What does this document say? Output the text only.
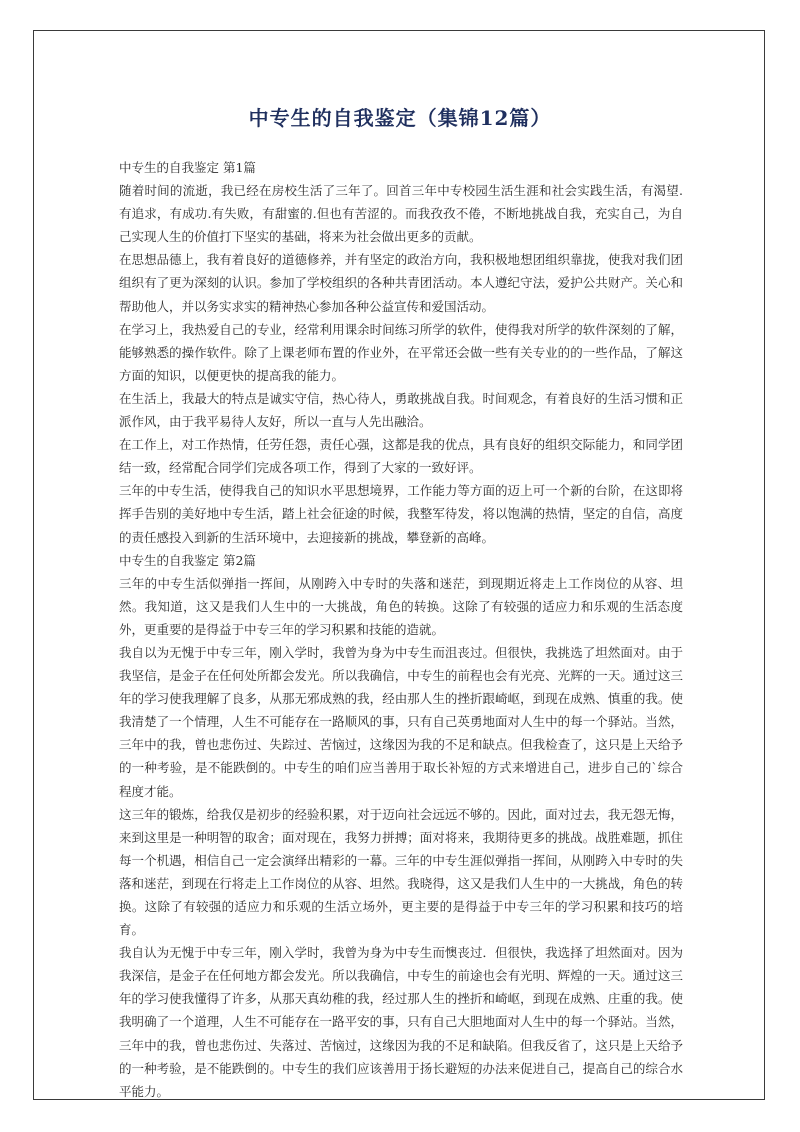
中专生的自我鉴定（集锦12篇）

中专生的自我鉴定 第1篇

随着时间的流逝，我已经在房校生活了三年了。回首三年中专校园生活生涯和社会实践生活，有渴望.有追求，有成功.有失败，有甜蜜的.但也有苦涩的。而我孜孜不倦，不断地挑战自我，充实自己，为自己实现人生的价值打下坚实的基础，将来为社会做出更多的贡献。

在思想品德上，我有着良好的道德修养，并有坚定的政治方向，我积极地想团组织靠拢，使我对我们团组织有了更为深刻的认识。参加了学校组织的各种共青团活动。本人遵纪守法，爱护公共财产。关心和帮助他人，并以务实求实的精神热心参加各种公益宣传和爱国活动。

在学习上，我热爱自己的专业，经常利用课余时间练习所学的软件，使得我对所学的软件深刻的了解，能够熟悉的操作软件。除了上课老师布置的作业外，在平常还会做一些有关专业的的一些作品，了解这方面的知识，以便更快的提高我的能力。

在生活上，我最大的特点是诚实守信，热心待人，勇敢挑战自我。时间观念，有着良好的生活习惯和正派作风，由于我平易待人友好，所以一直与人先出融洽。

在工作上，对工作热情，任劳任怨，责任心强，这都是我的优点，具有良好的组织交际能力，和同学团结一致，经常配合同学们完成各项工作，得到了大家的一致好评。

三年的中专生活，使得我自己的知识水平思想境界，工作能力等方面的迈上可一个新的台阶，在这即将挥手告别的美好地中专生活，踏上社会征途的时候，我整军待发，将以饱满的热情，坚定的自信，高度的责任感投入到新的生活环境中，去迎接新的挑战，攀登新的高峰。

中专生的自我鉴定 第2篇

三年的中专生活似弹指一挥间，从刚跨入中专时的失落和迷茫，到现期近将走上工作岗位的从容、坦然。我知道，这又是我们人生中的一大挑战，角色的转换。这除了有较强的适应力和乐观的生活态度外，更重要的是得益于中专三年的学习积累和技能的造就。

我自以为无愧于中专三年，刚入学时，我曾为身为中专生而沮丧过。但很快，我挑选了坦然面对。由于我坚信，是金子在任何处所都会发光。所以我确信，中专生的前程也会有光亮、光辉的一天。通过这三年的学习使我理解了良多，从那无邪成熟的我，经由那人生的挫折跟崎岖，到现在成熟、慎重的我。使我清楚了一个情理，人生不可能存在一路顺风的事，只有自己英勇地面对人生中的每一个驿站。当然，三年中的我，曾也悲伤过、失踪过、苦恼过，这缘因为我的不足和缺点。但我检查了，这只是上天给予的一种考验，是不能跌倒的。中专生的咱们应当善用于取长补短的方式来增进自己，进步自己的`综合程度才能。

这三年的锻炼，给我仅是初步的经验积累，对于迈向社会远远不够的。因此，面对过去，我无怨无悔，来到这里是一种明智的取舍；面对现在，我努力拼搏；面对将来，我期待更多的挑战。战胜难题，抓住每一个机遇，相信自己一定会演绎出精彩的一幕。三年的中专生涯似弹指一挥间，从刚跨入中专时的失落和迷茫，到现在行将走上工作岗位的从容、坦然。我晓得，这又是我们人生中的一大挑战，角色的转换。这除了有较强的适应力和乐观的生活立场外，更主要的是得益于中专三年的学习积累和技巧的培育。

我自认为无愧于中专三年，刚入学时，我曾为身为中专生而懊丧过．但很快，我选择了坦然面对。因为我深信，是金子在任何地方都会发光。所以我确信，中专生的前途也会有光明、辉煌的一天。通过这三年的学习使我懂得了许多，从那天真幼稚的我，经过那人生的挫折和崎岖，到现在成熟、庄重的我。使我明确了一个道理，人生不可能存在一路平安的事，只有自己大胆地面对人生中的每一个驿站。当然，三年中的我，曾也悲伤过、失落过、苦恼过，这缘因为我的不足和缺陷。但我反省了，这只是上天给予的一种考验，是不能跌倒的。中专生的我们应该善用于扬长避短的办法来促进自己，提高自己的综合水平能力。
